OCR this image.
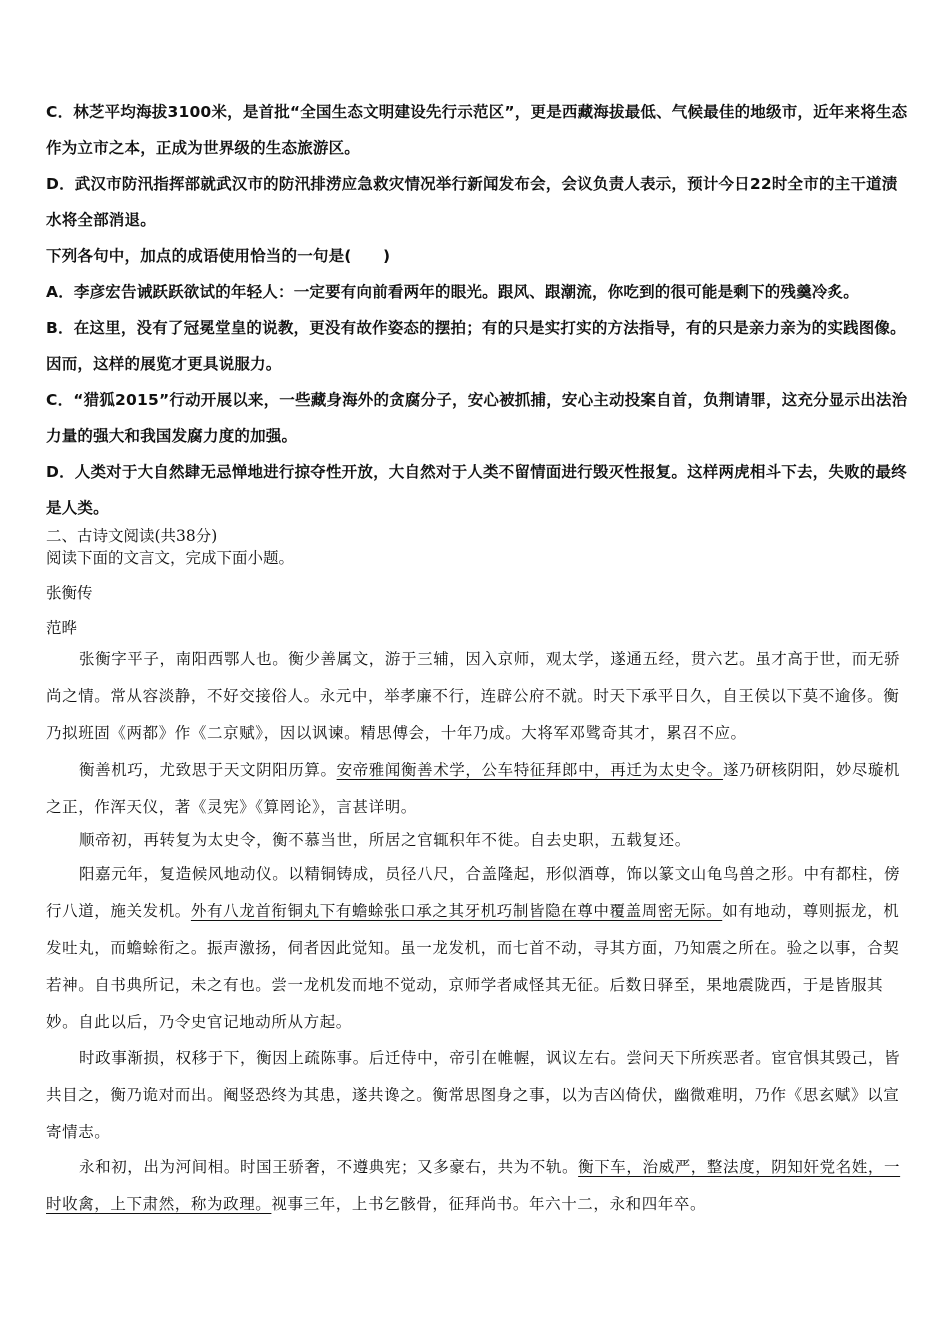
C．林芝平均海拔3100米，是首批“全国生态文明建设先行示范区”，更是西藏海拔最低、气候最佳的地级市，近年来将生态作为立市之本，正成为世界级的生态旅游区。

D．武汉市防汛指挥部就武汉市的防汛排涝应急救灾情况举行新闻发布会，会议负责人表示，预计今日22时全市的主干道渍水将全部消退。

下列各句中，加点的成语使用恰当的一句是(　　)

A．李彦宏告诫跃跃欲试的年轻人：一定要有向前看两年的眼光。跟风、跟潮流，你吃到的很可能是剩下的残羹冷炙。

B．在这里，没有了冠冕堂皇的说教，更没有故作姿态的摆拍；有的只是实打实的方法指导，有的只是亲力亲为的实践图像。因而，这样的展览才更具说服力。

C．“猎狐2015”行动开展以来，一些藏身海外的贪腐分子，安心被抓捕，安心主动投案自首，负荆请罪，这充分显示出法治力量的强大和我国发腐力度的加强。

D．人类对于大自然肆无忌惮地进行掠夺性开放，大自然对于人类不留情面进行毁灭性报复。这样两虎相斗下去，失败的最终是人类。

二、古诗文阅读(共38分)

阅读下面的文言文，完成下面小题。

张衡传

范晔

张衡字平子，南阳西鄂人也。衡少善属文，游于三辅，因入京师，观太学，遂通五经，贯六艺。虽才高于世，而无骄尚之情。常从容淡静，不好交接俗人。永元中，举孝廉不行，连辟公府不就。时天下承平日久，自王侯以下莫不逾侈。衡乃拟班固《两都》作《二京赋》，因以讽谏。精思傅会，十年乃成。大将军邓骘奇其才，累召不应。

衡善机巧，尤致思于天文阴阳历算。安帝雅闻衡善术学，公车特征拜郎中，再迁为太史令。遂乃研核阴阳，妙尽璇机之正，作浑天仪，著《灵宪》《算罔论》，言甚详明。

顺帝初，再转复为太史令，衡不慕当世，所居之官辄积年不徙。自去史职，五载复还。

阳嘉元年，复造候风地动仪。以精铜铸成，员径八尺，合盖隆起，形似酒尊，饰以篆文山龟鸟兽之形。中有都柱，傍行八道，施关发机。外有八龙首衔铜丸下有蟾蜍张口承之其牙机巧制皆隐在尊中覆盖周密无际。如有地动，尊则振龙，机发吐丸，而蟾蜍衔之。振声激扬，伺者因此觉知。虽一龙发机，而七首不动，寻其方面，乃知震之所在。验之以事，合契若神。自书典所记，未之有也。尝一龙机发而地不觉动，京师学者咸怪其无征。后数日驿至，果地震陇西，于是皆服其妙。自此以后，乃令史官记地动所从方起。

时政事渐损，权移于下，衡因上疏陈事。后迁侍中，帝引在帷幄，讽议左右。尝问天下所疾恶者。宦官惧其毁己，皆共目之，衡乃诡对而出。阉竖恐终为其患，遂共谗之。衡常思图身之事，以为吉凶倚伏，幽微难明，乃作《思玄赋》以宣寄情志。

永和初，出为河间相。时国王骄奢，不遵典宪；又多豪右，共为不轨。衡下车，治威严，整法度，阴知奸党名姓，一时收禽，上下肃然，称为政理。视事三年，上书乞骸骨，征拜尚书。年六十二，永和四年卒。
